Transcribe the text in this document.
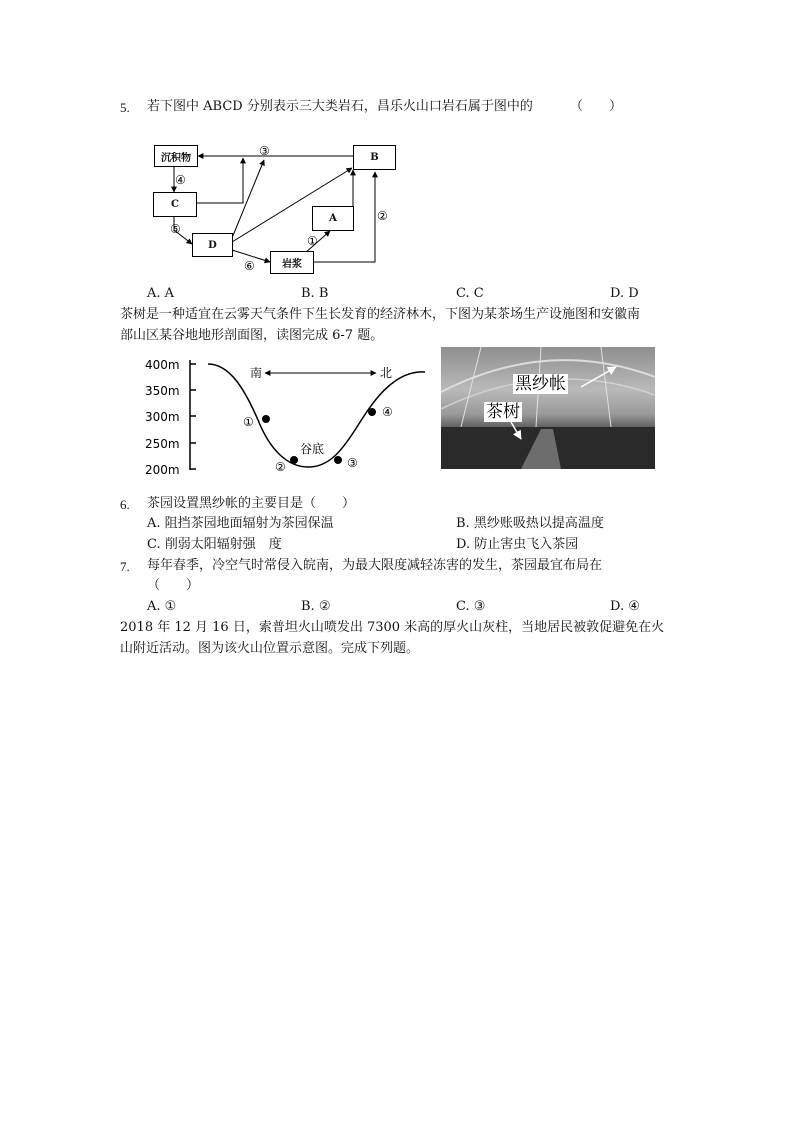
5. 若下图中 ABCD 分别表示三大类岩石，昌乐火山口岩石属于图中的	（　　）
③
④
⑤
⑥
①
②
沉积物	B
C
A
D
岩浆
A. A	B. B	C. C	D. D
茶树是一种适宜在云雾天气条件下生长发育的经济林木，下图为某茶场生产设施图和安徽南
部山区某谷地地形剖面图，读图完成 6-7 题。
400m
350m
300m
250m
200m
南	北
谷底
①
②	③
④
黑纱帐
茶树
6. 茶园设置黑纱帐的主要目是（　　）
A. 阻挡茶园地面辐射为茶园保温	B. 黑纱账吸热以提高温度
C. 削弱太阳辐射强　度	D. 防止害虫飞入茶园
7. 每年春季，冷空气时常侵入皖南，为最大限度减轻冻害的发生，茶园最宜布局在
（　　）
A. ①	B. ②	C. ③	D. ④
2018 年 12 月 16 日，索普坦火山喷发出 7300 米高的厚火山灰柱，当地居民被敦促避免在火
山附近活动。图为该火山位置示意图。完成下列题。
